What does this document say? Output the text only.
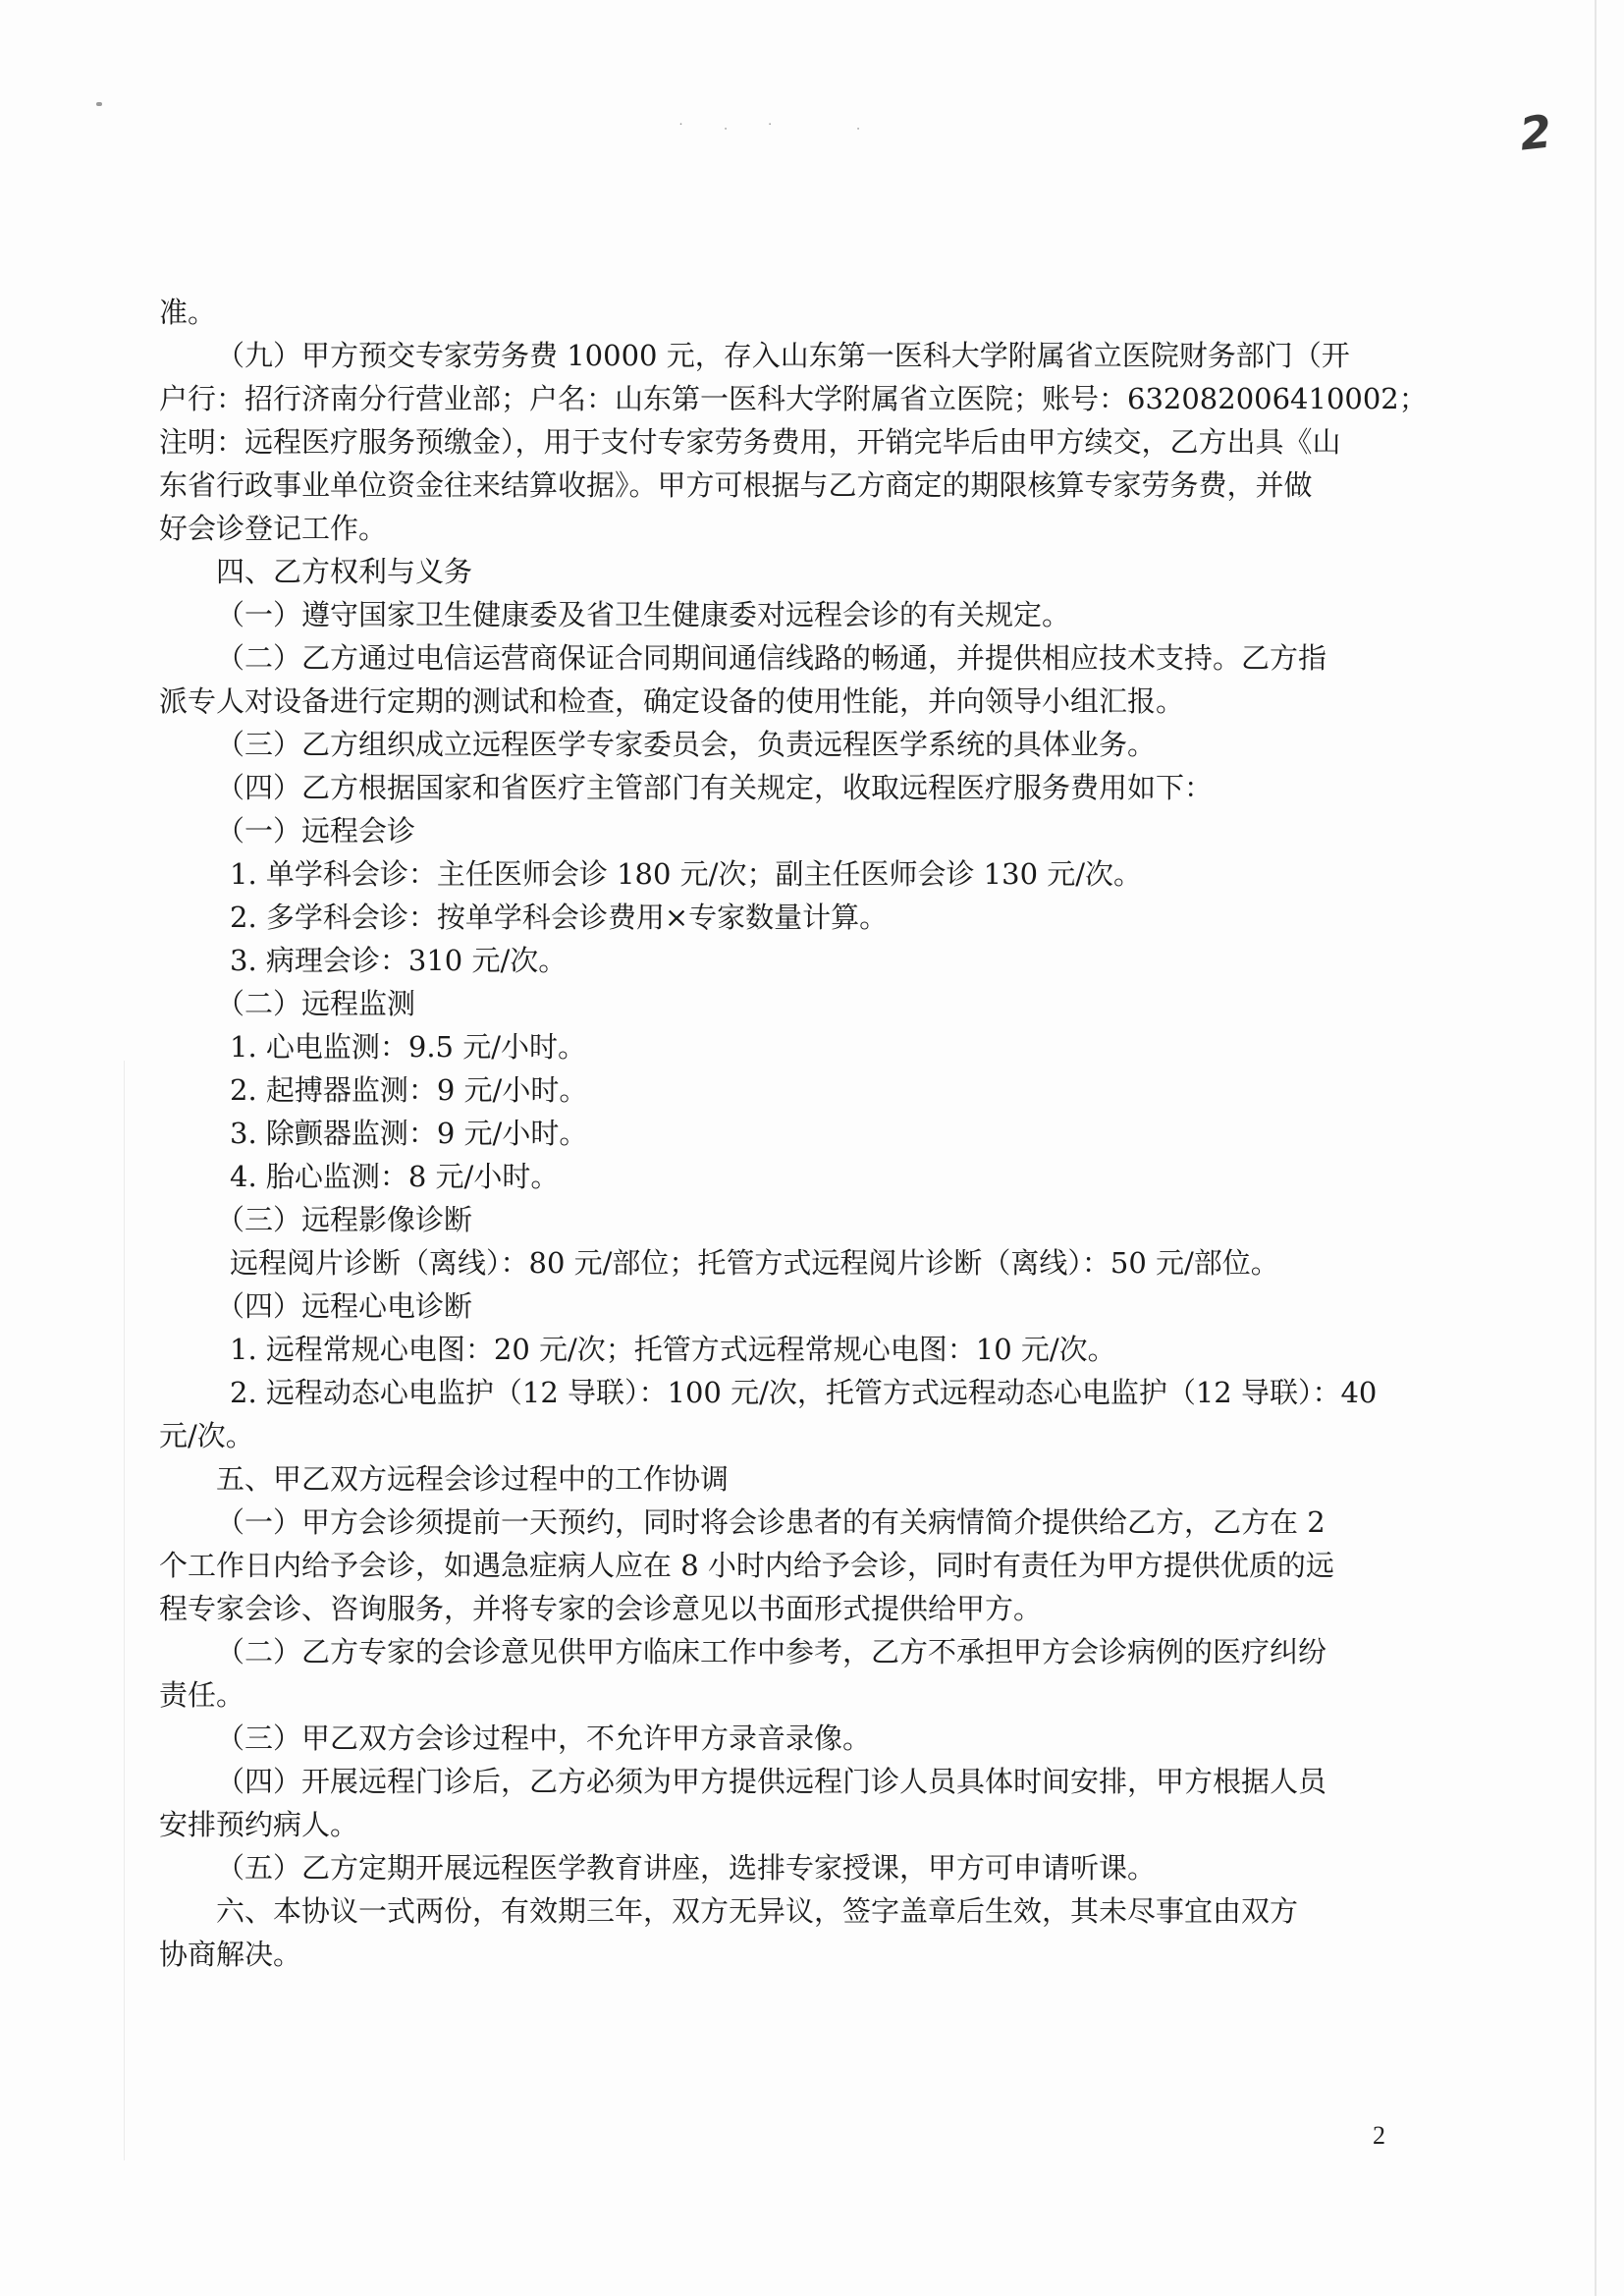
˙ᐧ˙ ᐧ	2
准。
（九）甲方预交专家劳务费 10000 元，存入山东第一医科大学附属省立医院财务部门（开
户行：招行济南分行营业部；户名：山东第一医科大学附属省立医院；账号：632082006410002；
注明：远程医疗服务预缴金），用于支付专家劳务费用，开销完毕后由甲方续交，乙方出具《山
东省行政事业单位资金往来结算收据》。甲方可根据与乙方商定的期限核算专家劳务费，并做
好会诊登记工作。
四、乙方权利与义务
（一）遵守国家卫生健康委及省卫生健康委对远程会诊的有关规定。
（二）乙方通过电信运营商保证合同期间通信线路的畅通，并提供相应技术支持。乙方指
派专人对设备进行定期的测试和检查，确定设备的使用性能，并向领导小组汇报。
（三）乙方组织成立远程医学专家委员会，负责远程医学系统的具体业务。
（四）乙方根据国家和省医疗主管部门有关规定，收取远程医疗服务费用如下：
（一）远程会诊
1. 单学科会诊：主任医师会诊 180 元/次；副主任医师会诊 130 元/次。
2. 多学科会诊：按单学科会诊费用×专家数量计算。
3. 病理会诊：310 元/次。
（二）远程监测
1. 心电监测：9.5 元/小时。
2. 起搏器监测：9 元/小时。
3. 除颤器监测：9 元/小时。
4. 胎心监测：8 元/小时。
（三）远程影像诊断
远程阅片诊断（离线）：80 元/部位；托管方式远程阅片诊断（离线）：50 元/部位。
（四）远程心电诊断
1. 远程常规心电图：20 元/次；托管方式远程常规心电图：10 元/次。
2. 远程动态心电监护（12 导联）：100 元/次，托管方式远程动态心电监护（12 导联）：40
元/次。
五、甲乙双方远程会诊过程中的工作协调
（一）甲方会诊须提前一天预约，同时将会诊患者的有关病情简介提供给乙方，乙方在 2
个工作日内给予会诊，如遇急症病人应在 8 小时内给予会诊，同时有责任为甲方提供优质的远
程专家会诊、咨询服务，并将专家的会诊意见以书面形式提供给甲方。
（二）乙方专家的会诊意见供甲方临床工作中参考，乙方不承担甲方会诊病例的医疗纠纷
责任。
（三）甲乙双方会诊过程中，不允许甲方录音录像。
（四）开展远程门诊后，乙方必须为甲方提供远程门诊人员具体时间安排，甲方根据人员
安排预约病人。
（五）乙方定期开展远程医学教育讲座，选排专家授课，甲方可申请听课。
六、本协议一式两份，有效期三年，双方无异议，签字盖章后生效，其未尽事宜由双方
协商解决。
2
